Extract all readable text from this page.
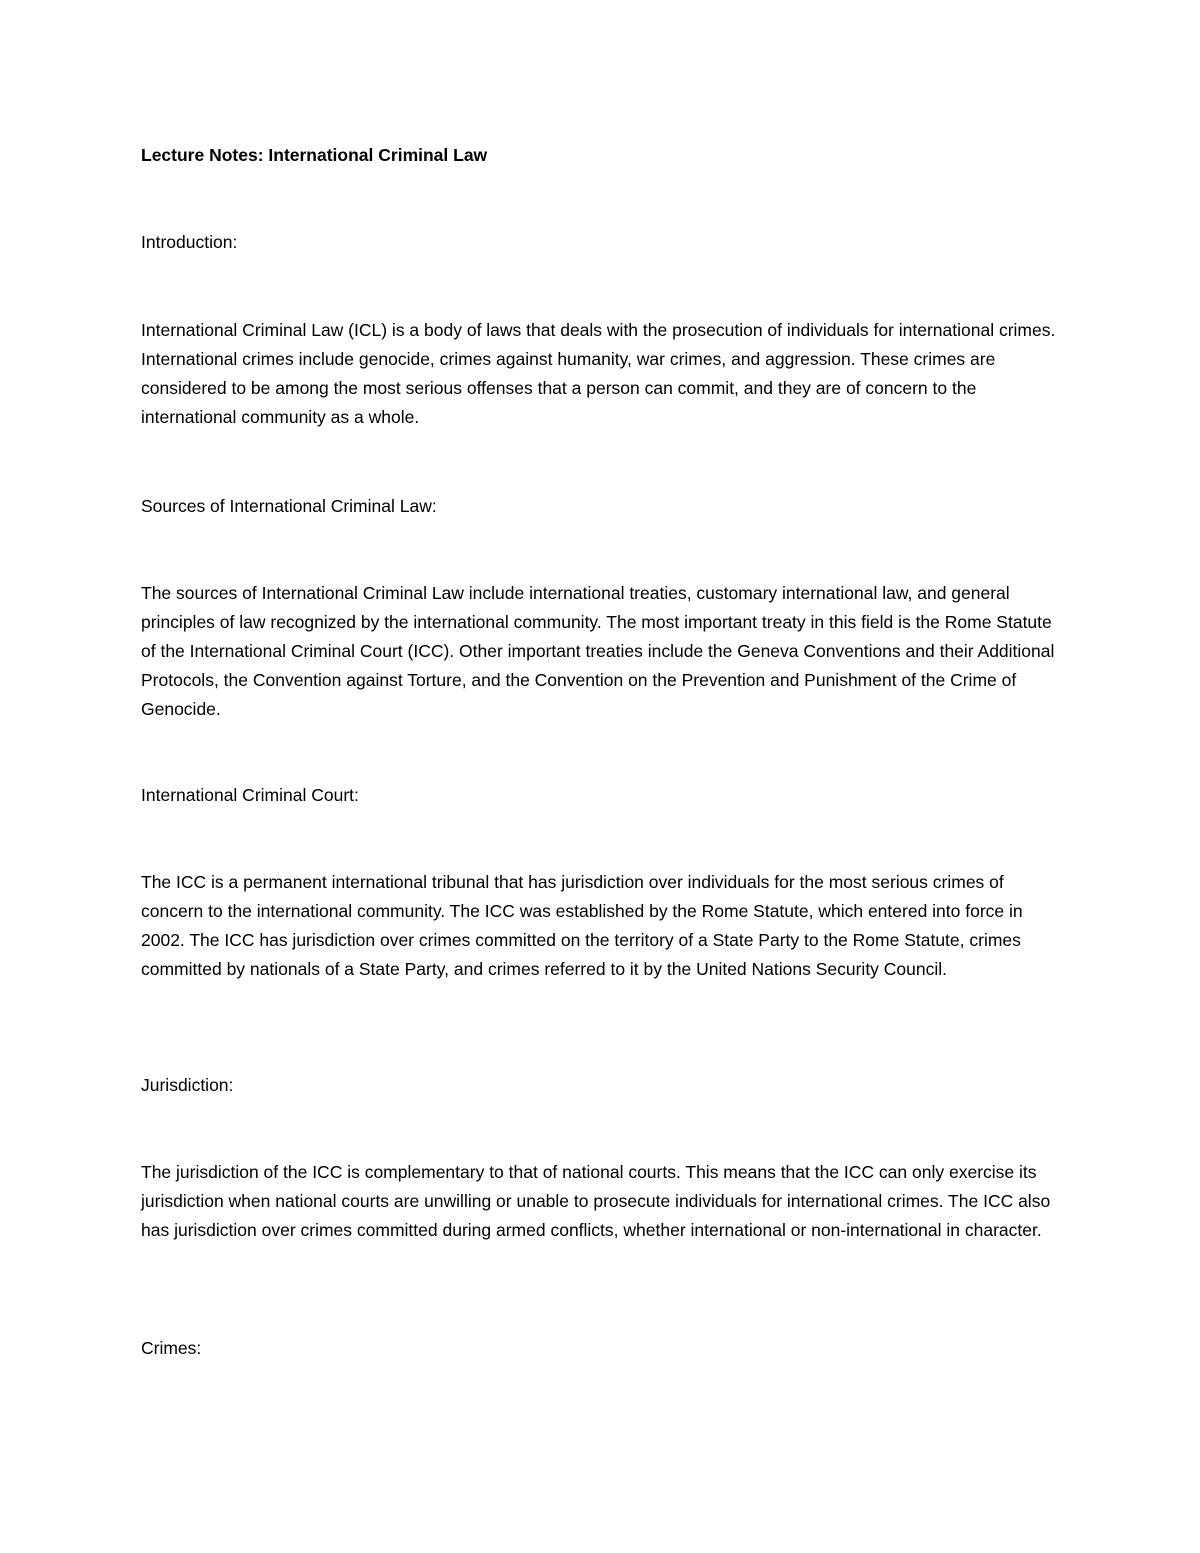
Lecture Notes: International Criminal Law

Introduction:

International Criminal Law (ICL) is a body of laws that deals with the prosecution of individuals for international crimes. International crimes include genocide, crimes against humanity, war crimes, and aggression. These crimes are considered to be among the most serious offenses that a person can commit, and they are of concern to the international community as a whole.

Sources of International Criminal Law:

The sources of International Criminal Law include international treaties, customary international law, and general principles of law recognized by the international community. The most important treaty in this field is the Rome Statute of the International Criminal Court (ICC). Other important treaties include the Geneva Conventions and their Additional Protocols, the Convention against Torture, and the Convention on the Prevention and Punishment of the Crime of Genocide.

International Criminal Court:

The ICC is a permanent international tribunal that has jurisdiction over individuals for the most serious crimes of concern to the international community. The ICC was established by the Rome Statute, which entered into force in 2002. The ICC has jurisdiction over crimes committed on the territory of a State Party to the Rome Statute, crimes committed by nationals of a State Party, and crimes referred to it by the United Nations Security Council.

Jurisdiction:

The jurisdiction of the ICC is complementary to that of national courts. This means that the ICC can only exercise its jurisdiction when national courts are unwilling or unable to prosecute individuals for international crimes. The ICC also has jurisdiction over crimes committed during armed conflicts, whether international or non-international in character.

Crimes:
